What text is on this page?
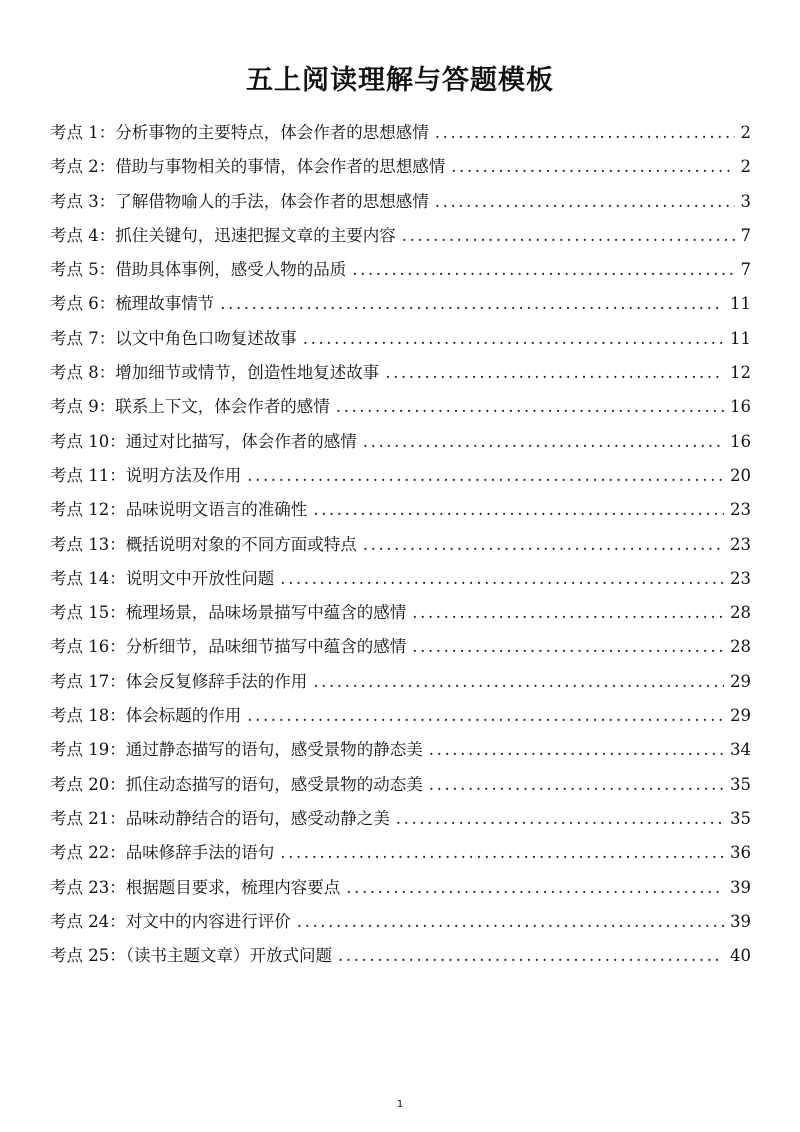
五上阅读理解与答题模板
考点 1：分析事物的主要特点，体会作者的思想感情 .....	2
考点 2：借助与事物相关的事情，体会作者的思想感情 .....	2
考点 3：了解借物喻人的手法，体会作者的思想感情 .....	3
考点 4：抓住关键句，迅速把握文章的主要内容 .....	7
考点 5：借助具体事例，感受人物的品质 .....	7
考点 6：梳理故事情节 .....	11
考点 7：以文中角色口吻复述故事 .....	11
考点 8：增加细节或情节，创造性地复述故事 .....	12
考点 9：联系上下文，体会作者的感情 .....	16
考点 10：通过对比描写，体会作者的感情 .....	16
考点 11：说明方法及作用 .....	20
考点 12：品味说明文语言的准确性 .....	23
考点 13：概括说明对象的不同方面或特点 .....	23
考点 14：说明文中开放性问题 .....	23
考点 15：梳理场景，品味场景描写中蕴含的感情 .....	28
考点 16：分析细节，品味细节描写中蕴含的感情 .....	28
考点 17：体会反复修辞手法的作用 .....	29
考点 18：体会标题的作用 .....	29
考点 19：通过静态描写的语句，感受景物的静态美 .....	34
考点 20：抓住动态描写的语句，感受景物的动态美 .....	35
考点 21：品味动静结合的语句，感受动静之美 .....	35
考点 22：品味修辞手法的语句 .....	36
考点 23：根据题目要求，梳理内容要点 .....	39
考点 24：对文中的内容进行评价 .....	39
考点 25：（读书主题文章）开放式问题 .....	40
1
